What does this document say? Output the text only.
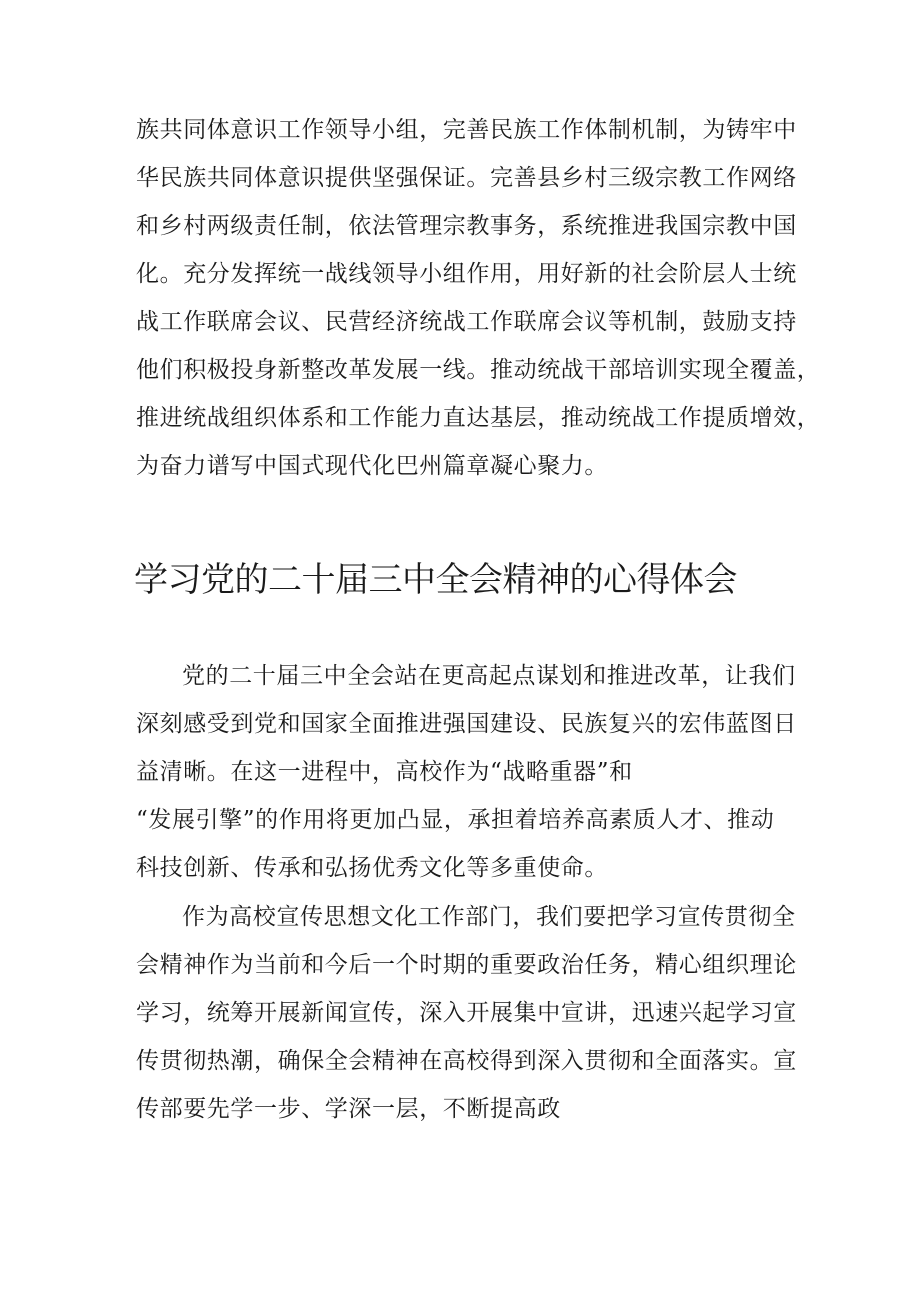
族共同体意识工作领导小组，完善民族工作体制机制，为铸牢中
华民族共同体意识提供坚强保证。完善县乡村三级宗教工作网络
和乡村两级责任制，依法管理宗教事务，系统推进我国宗教中国
化。充分发挥统一战线领导小组作用，用好新的社会阶层人士统
战工作联席会议、民营经济统战工作联席会议等机制，鼓励支持
他们积极投身新整改革发展一线。推动统战干部培训实现全覆盖，
推进统战组织体系和工作能力直达基层，推动统战工作提质增效，
为奋力谱写中国式现代化巴州篇章凝心聚力。
学习党的二十届三中全会精神的心得体会
党的二十届三中全会站在更高起点谋划和推进改革，让我们
深刻感受到党和国家全面推进强国建设、民族复兴的宏伟蓝图日
益清晰。在这一进程中，高校作为“战略重器”和
“发展引擎”的作用将更加凸显，承担着培养高素质人才、推动
科技创新、传承和弘扬优秀文化等多重使命。
作为高校宣传思想文化工作部门，我们要把学习宣传贯彻全
会精神作为当前和今后一个时期的重要政治任务，精心组织理论
学习，统筹开展新闻宣传，深入开展集中宣讲，迅速兴起学习宣
传贯彻热潮，确保全会精神在高校得到深入贯彻和全面落实。宣
传部要先学一步、学深一层，不断提高政
